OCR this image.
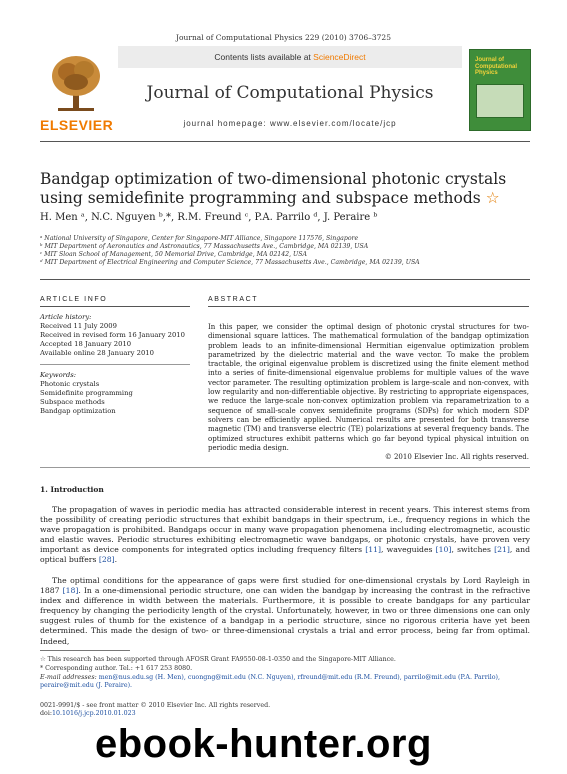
Journal of Computational Physics 229 (2010) 3706–3725
ELSEVIER
Contents lists available at ScienceDirect
Journal of Computational Physics
journal homepage: www.elsevier.com/locate/jcp
Journal of Computational Physics
Bandgap optimization of two-dimensional photonic crystals using semidefinite programming and subspace methods ☆
H. Men ᵃ, N.C. Nguyen ᵇ,*, R.M. Freund ᶜ, P.A. Parrilo ᵈ, J. Peraire ᵇ
ᵃ National University of Singapore, Center for Singapore-MIT Alliance, Singapore 117576, Singapore
ᵇ MIT Department of Aeronautics and Astronautics, 77 Massachusetts Ave., Cambridge, MA 02139, USA
ᶜ MIT Sloan School of Management, 50 Memorial Drive, Cambridge, MA 02142, USA
ᵈ MIT Department of Electrical Engineering and Computer Science, 77 Massachusetts Ave., Cambridge, MA 02139, USA
ARTICLE INFO
Article history:
Received 11 July 2009
Received in revised form 16 January 2010
Accepted 18 January 2010
Available online 28 January 2010
Keywords:
Photonic crystals
Semidefinite programming
Subspace methods
Bandgap optimization
ABSTRACT
In this paper, we consider the optimal design of photonic crystal structures for two-dimensional square lattices. The mathematical formulation of the bandgap optimization problem leads to an infinite-dimensional Hermitian eigenvalue optimization problem parametrized by the dielectric material and the wave vector. To make the problem tractable, the original eigenvalue problem is discretized using the finite element method into a series of finite-dimensional eigenvalue problems for multiple values of the wave vector parameter. The resulting optimization problem is large-scale and non-convex, with low regularity and non-differentiable objective. By restricting to appropriate eigenspaces, we reduce the large-scale non-convex optimization problem via reparametrization to a sequence of small-scale convex semidefinite programs (SDPs) for which modern SDP solvers can be efficiently applied. Numerical results are presented for both transverse magnetic (TM) and transverse electric (TE) polarizations at several frequency bands. The optimized structures exhibit patterns which go far beyond typical physical intuition on periodic media design.
© 2010 Elsevier Inc. All rights reserved.
1. Introduction
The propagation of waves in periodic media has attracted considerable interest in recent years. This interest stems from the possibility of creating periodic structures that exhibit bandgaps in their spectrum, i.e., frequency regions in which the wave propagation is prohibited. Bandgaps occur in many wave propagation phenomena including electromagnetic, acoustic and elastic waves. Periodic structures exhibiting electromagnetic wave bandgaps, or photonic crystals, have proven very important as device components for integrated optics including frequency filters [11], waveguides [10], switches [21], and optical buffers [28].
The optimal conditions for the appearance of gaps were first studied for one-dimensional crystals by Lord Rayleigh in 1887 [18]. In a one-dimensional periodic structure, one can widen the bandgap by increasing the contrast in the refractive index and difference in width between the materials. Furthermore, it is possible to create bandgaps for any particular frequency by changing the periodicity length of the crystal. Unfortunately, however, in two or three dimensions one can only suggest rules of thumb for the existence of a bandgap in a periodic structure, since no rigorous criteria have yet been determined. This made the design of two- or three-dimensional crystals a trial and error process, being far from optimal. Indeed,
☆ This research has been supported through AFOSR Grant FA9550-08-1-0350 and the Singapore-MIT Alliance.
* Corresponding author. Tel.: +1 617 253 8080.
E-mail addresses: men@nus.edu.sg (H. Men), cuongng@mit.edu (N.C. Nguyen), rfreund@mit.edu (R.M. Freund), parrilo@mit.edu (P.A. Parrilo), peraire@mit.edu (J. Peraire).
0021-9991/$ - see front matter © 2010 Elsevier Inc. All rights reserved.
doi:10.1016/j.jcp.2010.01.023
ebook-hunter.org
